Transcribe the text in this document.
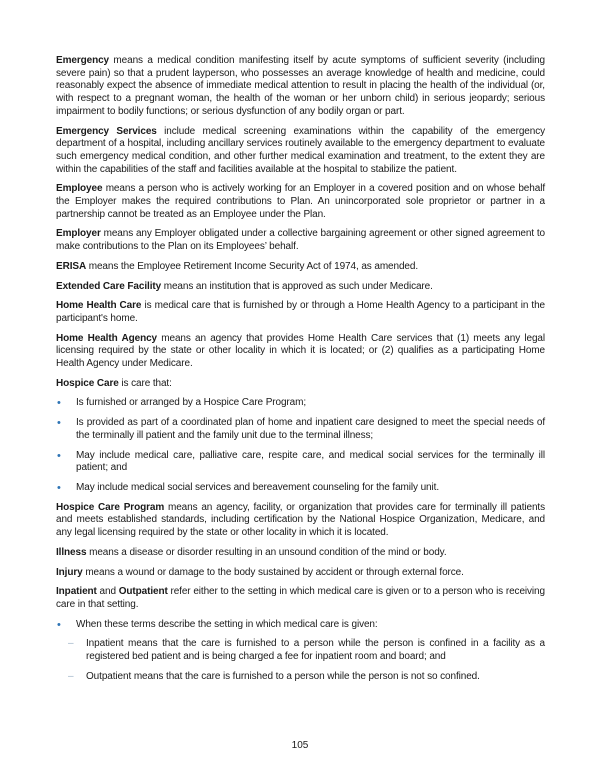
Emergency means a medical condition manifesting itself by acute symptoms of sufficient severity (including severe pain) so that a prudent layperson, who possesses an average knowledge of health and medicine, could reasonably expect the absence of immediate medical attention to result in placing the health of the individual (or, with respect to a pregnant woman, the health of the woman or her unborn child) in serious jeopardy; serious impairment to bodily functions; or serious dysfunction of any bodily organ or part.
Emergency Services include medical screening examinations within the capability of the emergency department of a hospital, including ancillary services routinely available to the emergency department to evaluate such emergency medical condition, and other further medical examination and treatment, to the extent they are within the capabilities of the staff and facilities available at the hospital to stabilize the patient.
Employee means a person who is actively working for an Employer in a covered position and on whose behalf the Employer makes the required contributions to Plan. An unincorporated sole proprietor or partner in a partnership cannot be treated as an Employee under the Plan.
Employer means any Employer obligated under a collective bargaining agreement or other signed agreement to make contributions to the Plan on its Employees’ behalf.
ERISA means the Employee Retirement Income Security Act of 1974, as amended.
Extended Care Facility means an institution that is approved as such under Medicare.
Home Health Care is medical care that is furnished by or through a Home Health Agency to a participant in the participant's home.
Home Health Agency means an agency that provides Home Health Care services that (1) meets any legal licensing required by the state or other locality in which it is located; or (2) qualifies as a participating Home Health Agency under Medicare.
Hospice Care is care that:
• Is furnished or arranged by a Hospice Care Program;
• Is provided as part of a coordinated plan of home and inpatient care designed to meet the special needs of the terminally ill patient and the family unit due to the terminal illness;
• May include medical care, palliative care, respite care, and medical social services for the terminally ill patient; and
• May include medical social services and bereavement counseling for the family unit.
Hospice Care Program means an agency, facility, or organization that provides care for terminally ill patients and meets established standards, including certification by the National Hospice Organization, Medicare, and any legal licensing required by the state or other locality in which it is located.
Illness means a disease or disorder resulting in an unsound condition of the mind or body.
Injury means a wound or damage to the body sustained by accident or through external force.
Inpatient and Outpatient refer either to the setting in which medical care is given or to a person who is receiving care in that setting.
• When these terms describe the setting in which medical care is given:
– Inpatient means that the care is furnished to a person while the person is confined in a facility as a registered bed patient and is being charged a fee for inpatient room and board; and
– Outpatient means that the care is furnished to a person while the person is not so confined.
105
